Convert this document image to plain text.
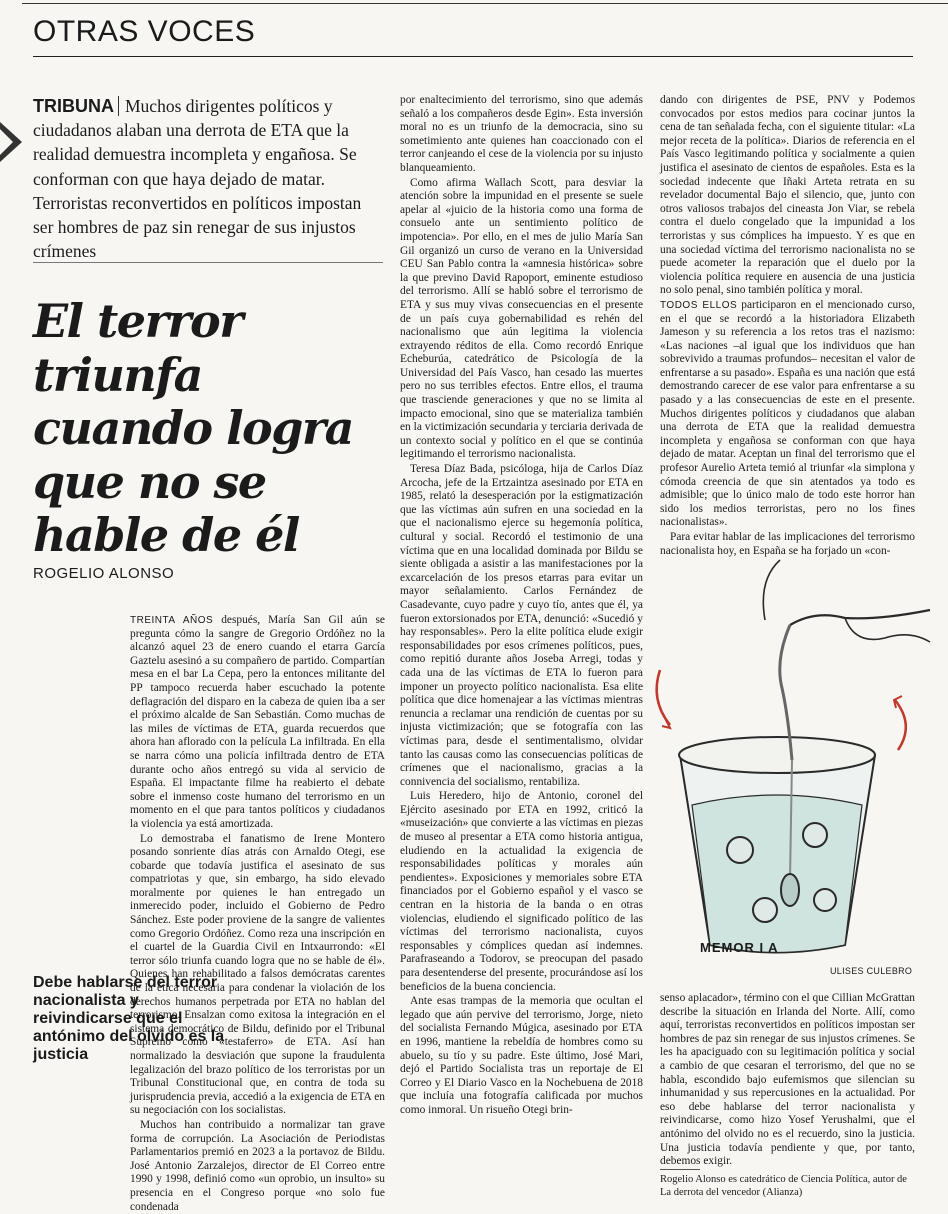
OTRAS VOCES

TRIBUNA Muchos dirigentes políticos y ciudadanos alaban una derrota de ETA que la realidad demuestra incompleta y engañosa. Se conforman con que haya dejado de matar. Terroristas reconvertidos en políticos impostan ser hombres de paz sin renegar de sus injustos crímenes

El terror triunfa cuando logra que no se hable de él
ROGELIO ALONSO

TREINTA AÑOS después, María San Gil aún se pregunta cómo la sangre de Gregorio Ordóñez no la alcanzó aquel 23 de enero cuando el etarra García Gaztelu asesinó a su compañero de partido. Compartían mesa en el bar La Cepa, pero la entonces militante del PP tampoco recuerda haber escuchado la potente deflagración del disparo en la cabeza de quien iba a ser el próximo alcalde de San Sebastián. Como muchas de las miles de víctimas de ETA, guarda recuerdos que ahora han aflorado con la película La infiltrada. En ella se narra cómo una policía infiltrada dentro de ETA durante ocho años entregó su vida al servicio de España. El impactante filme ha reabierto el debate sobre el inmenso coste humano del terrorismo en un momento en el que para tantos políticos y ciudadanos la violencia ya está amortizada.

Lo demostraba el fanatismo de Irene Montero posando sonriente días atrás con Arnaldo Otegi, ese cobarde que todavía justifica el asesinato de sus compatriotas y que, sin embargo, ha sido elevado moralmente por quienes le han entregado un inmerecido poder, incluido el Gobierno de Pedro Sánchez. Este poder proviene de la sangre de valientes como Gregorio Ordóñez. Como reza una inscripción en el cuartel de la Guardia Civil en Intxaurrondo: «El terror sólo triunfa cuando logra que no se hable de él». Quienes han rehabilitado a falsos demócratas carentes de la ética necesaria para condenar la violación de los derechos humanos perpetrada por ETA no hablan del terrorismo. Ensalzan como exitosa la integración en el sistema democrático de Bildu, definido por el Tribunal Supremo como «testaferro» de ETA. Así han normalizado la desviación que supone la fraudulenta legalización del brazo político de los terroristas por un Tribunal Constitucional que, en contra de toda su jurisprudencia previa, accedió a la exigencia de ETA en su negociación con los socialistas.

Muchos han contribuido a normalizar tan grave forma de corrupción. La Asociación de Periodistas Parlamentarios premió en 2023 a la portavoz de Bildu. José Antonio Zarzalejos, director de El Correo entre 1990 y 1998, definió como «un oprobio, un insulto» su presencia en el Congreso porque «no solo fue condenada

por enaltecimiento del terrorismo, sino que además señaló a los compañeros desde Egin». Esta inversión moral no es un triunfo de la democracia, sino su sometimiento ante quienes han coaccionado con el terror canjeando el cese de la violencia por su injusto blanqueamiento.

Como afirma Wallach Scott, para desviar la atención sobre la impunidad en el presente se suele apelar al «juicio de la historia como una forma de consuelo ante un sentimiento político de impotencia». Por ello, en el mes de julio María San Gil organizó un curso de verano en la Universidad CEU San Pablo contra la «amnesia histórica» sobre la que previno David Rapoport, eminente estudioso del terrorismo. Allí se habló sobre el terrorismo de ETA y sus muy vivas consecuencias en el presente de un país cuya gobernabilidad es rehén del nacionalismo que aún legitima la violencia extrayendo réditos de ella. Como recordó Enrique Echeburúa, catedrático de Psicología de la Universidad del País Vasco, han cesado las muertes pero no sus terribles efectos. Entre ellos, el trauma que trasciende generaciones y que no se limita al impacto emocional, sino que se materializa también en la victimización secundaria y terciaria derivada de un contexto social y político en el que se continúa legitimando el terrorismo nacionalista.

Teresa Díaz Bada, psicóloga, hija de Carlos Díaz Arcocha, jefe de la Ertzaintza asesinado por ETA en 1985, relató la desesperación por la estigmatización que las víctimas aún sufren en una sociedad en la que el nacionalismo ejerce su hegemonía política, cultural y social. Recordó el testimonio de una víctima que en una localidad dominada por Bildu se siente obligada a asistir a las manifestaciones por la excarcelación de los presos etarras para evitar un mayor señalamiento. Carlos Fernández de Casadevante, cuyo padre y cuyo tío, antes que él, ya fueron extorsionados por ETA, denunció: «Sucedió y hay responsables». Pero la elite política elude exigir responsabilidades por esos crímenes políticos, pues, como repitió durante años Joseba Arregi, todas y cada una de las víctimas de ETA lo fueron para imponer un proyecto político nacionalista. Esa elite política que dice homenajear a las víctimas mientras renuncia a reclamar una rendición de cuentas por su injusta victimización; que se fotografía con las víctimas para, desde el sentimentalismo, olvidar tanto las causas como las consecuencias políticas de crímenes que el nacionalismo, gracias a la connivencia del socialismo, rentabiliza.

Luis Heredero, hijo de Antonio, coronel del Ejército asesinado por ETA en 1992, criticó la «museización» que convierte a las víctimas en piezas de museo al presentar a ETA como historia antigua, eludiendo en la actualidad la exigencia de responsabilidades políticas y morales aún pendientes». Exposiciones y memoriales sobre ETA financiados por el Gobierno español y el vasco se centran en la historia de la banda o en otras violencias, eludiendo el significado político de las víctimas del terrorismo nacionalista, cuyos responsables y cómplices quedan así indemnes. Parafraseando a Todorov, se preocupan del pasado para desentenderse del presente, procurándose así los beneficios de la buena conciencia.

Ante esas trampas de la memoria que ocultan el legado que aún pervive del terrorismo, Jorge, nieto del socialista Fernando Múgica, asesinado por ETA en 1996, mantiene la rebeldía de hombres como su abuelo, su tío y su padre. Este último, José Mari, dejó el Partido Socialista tras un reportaje de El Correo y El Diario Vasco en la Nochebuena de 2018 que incluía una fotografía calificada por muchos como inmoral. Un risueño Otegi brin-

dando con dirigentes de PSE, PNV y Podemos convocados por estos medios para cocinar juntos la cena de tan señalada fecha, con el siguiente titular: «La mejor receta de la política». Diarios de referencia en el País Vasco legitimando política y socialmente a quien justifica el asesinato de cientos de españoles. Esta es la sociedad indecente que Iñaki Arteta retrata en su revelador documental Bajo el silencio, que, junto con otros valiosos trabajos del cineasta Jon Viar, se rebela contra el duelo congelado que la impunidad a los terroristas y sus cómplices ha impuesto. Y es que en una sociedad víctima del terrorismo nacionalista no se puede acometer la reparación que el duelo por la violencia política requiere en ausencia de una justicia no solo penal, sino también política y moral.

TODOS ELLOS participaron en el mencionado curso, en el que se recordó a la historiadora Elizabeth Jameson y su referencia a los retos tras el nazismo: «Las naciones –al igual que los individuos que han sobrevivido a traumas profundos– necesitan el valor de enfrentarse a su pasado». España es una nación que está demostrando carecer de ese valor para enfrentarse a su pasado y a las consecuencias de este en el presente. Muchos dirigentes políticos y ciudadanos que alaban una derrota de ETA que la realidad demuestra incompleta y engañosa se conforman con que haya dejado de matar. Aceptan un final del terrorismo que el profesor Aurelio Arteta temió al triunfar «la simplona y cómoda creencia de que sin atentados ya todo es admisible; que lo único malo de todo este horror han sido los medios terroristas, pero no los fines nacionalistas».

Para evitar hablar de las implicaciones del terrorismo nacionalista hoy, en España se ha forjado un «con-

senso aplacador», término con el que Cillian McGrattan describe la situación en Irlanda del Norte. Allí, como aquí, terroristas reconvertidos en políticos impostan ser hombres de paz sin renegar de sus injustos crímenes. Se les ha apaciguado con su legitimación política y social a cambio de que cesaran el terrorismo, del que no se habla, escondido bajo eufemismos que silencian su inhumanidad y sus repercusiones en la actualidad. Por eso debe hablarse del terror nacionalista y reivindicarse, como hizo Yosef Yerushalmi, que el antónimo del olvido no es el recuerdo, sino la justicia. Una justicia todavía pendiente y que, por tanto, debemos exigir.

Debe hablarse del terror nacionalista y reivindicarse que el antónimo del olvido es la justicia

MEMOR I A
ULISES CULEBRO

Rogelio Alonso es catedrático de Ciencia Política, autor de La derrota del vencedor (Alianza)
